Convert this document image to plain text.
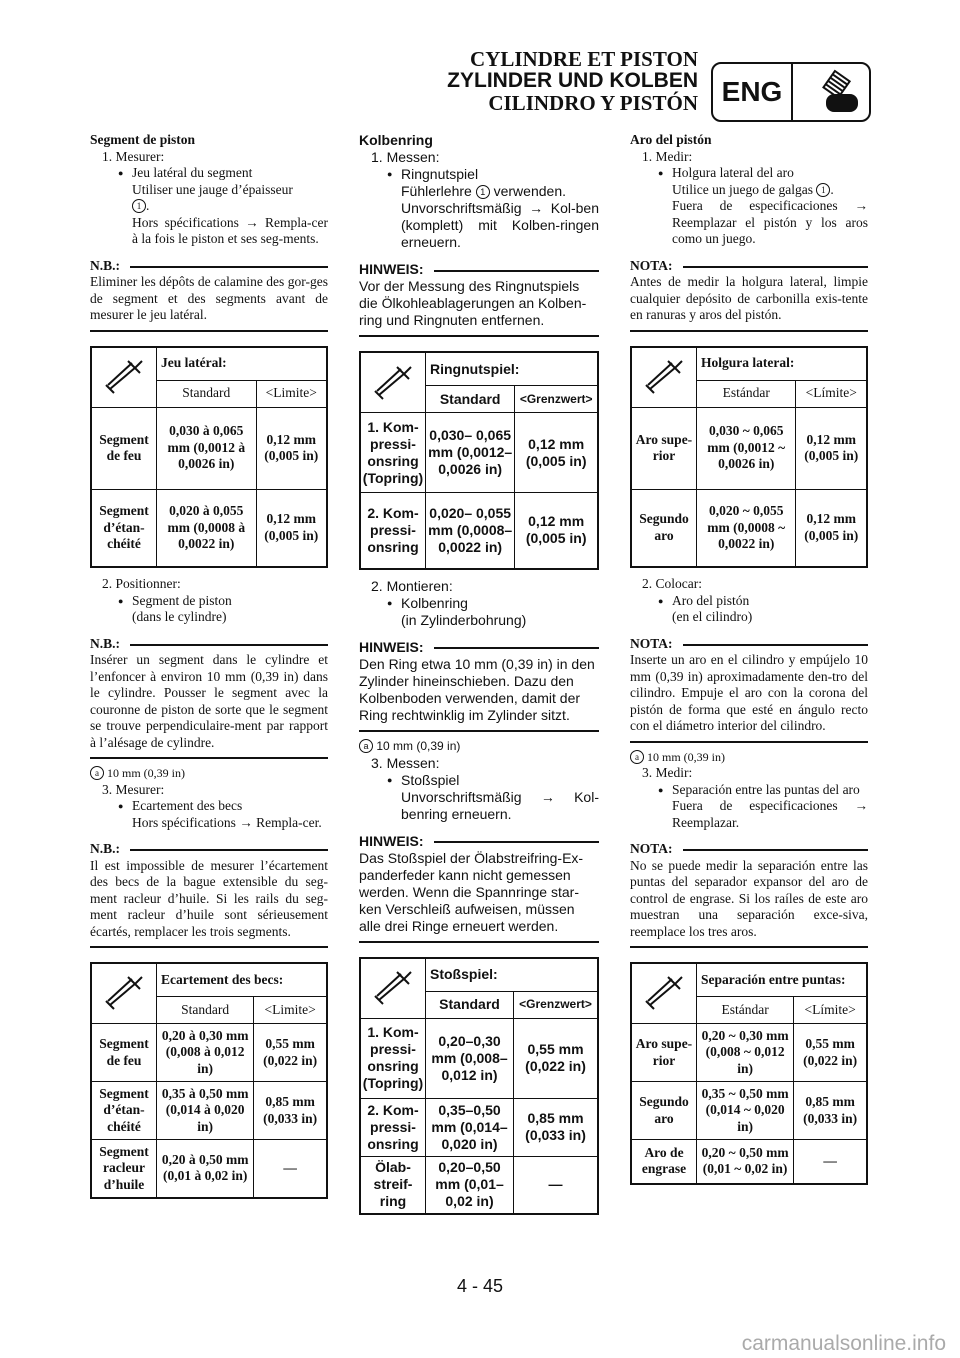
CYLINDRE ET PISTON
ZYLINDER UND KOLBEN
CILINDRO Y PISTÓN ENG
Segment de piston
1. Mesurer:
● Jeu latéral du segment
Utiliser une jauge d’épaisseur
1 .
Hors spécifications → Rempla-cer à la fois le piston et ses seg-ments.
N.B.:
Eliminer les dépôts de calamine des gor-ges de segment et des segments avant de mesurer le jeu latéral.
	Jeu latéral:	
	Standard	<Limite>
Segment de feu	0,030 à 0,065 mm (0,0012 à 0,0026 in)	0,12 mm (0,005 in)
Segment d’étan-chéité	0,020 à 0,055 mm (0,0008 à 0,0022 in)	0,12 mm (0,005 in)
2. Positionner:
● Segment de piston
(dans le cylindre)
N.B.:
Insérer un segment dans le cylindre et l’enfoncer à environ 10 mm (0,39 in) dans le cylindre. Pousser le segment avec la couronne de piston de sorte que le segment se trouve perpendiculaire-ment par rapport à l’alésage de cylindre.
a 10 mm (0,39 in)
3. Mesurer:
● Ecartement des becs
Hors spécifications → Rempla-cer.
N.B.:
Il est impossible de mesurer l’écartement des becs de la bague extensible du seg-ment racleur d’huile. Si les rails du seg-ment racleur d’huile sont sérieusement écartés, remplacer les trois segments.
	Ecartement des becs:	
	Standard	<Limite>
Segment de feu	0,20 à 0,30 mm (0,008 à 0,012 in)	0,55 mm (0,022 in)
Segment d’étan-chéité	0,35 à 0,50 mm (0,014 à 0,020 in)	0,85 mm (0,033 in)
Segment racleur d’huile	0,20 à 0,50 mm (0,01 à 0,02 in)	—
Kolbenring
1. Messen:
● Ringnutspiel
Fühlerlehre 1 verwenden.
Unvorschriftsmäßig → Kol-ben (komplett) mit Kolben-ringen erneuern.
HINWEIS:
Vor der Messung des Ringnutspiels die Ölkohleablagerungen an Kolben-ring und Ringnuten entfernen.
	Ringnutspiel:	
	Standard	<Grenzwert>
1. Kom-pressi-onsring (Topring)	0,030– 0,065 mm (0,0012– 0,0026 in)	0,12 mm (0,005 in)
2. Kom-pressi-onsring	0,020– 0,055 mm (0,0008– 0,0022 in)	0,12 mm (0,005 in)
2. Montieren:
● Kolbenring
(in Zylinderbohrung)
HINWEIS:
Den Ring etwa 10 mm (0,39 in) in den Zylinder hineinschieben. Dazu den Kolbenboden verwenden, damit der Ring rechtwinklig im Zylinder sitzt.
a 10 mm (0,39 in)
3. Messen:
● Stoßspiel
Unvorschriftsmäßig → Kol-benring erneuern.
HINWEIS:
Das Stoßspiel der Ölabstreifring-Ex-panderfeder kann nicht gemessen werden. Wenn die Spannringe star-ken Verschleiß aufweisen, müssen alle drei Ringe erneuert werden.
	Stoßspiel:	
	Standard	<Grenzwert>
1. Kom-pressi-onsring (Topring)	0,20–0,30 mm (0,008– 0,012 in)	0,55 mm (0,022 in)
2. Kom-pressi-onsring	0,35–0,50 mm (0,014– 0,020 in)	0,85 mm (0,033 in)
Ölab-streif-ring	0,20–0,50 mm (0,01–0,02 in)	—
Aro del pistón
1. Medir:
● Holgura lateral del aro
Utilice un juego de galgas 1 .
Fuera de especificaciones → Reemplazar el pistón y los aros como un juego.
NOTA:
Antes de medir la holgura lateral, limpie cualquier depósito de carbonilla exis-tente en ranuras y aros del pistón.
	Holgura lateral:	
	Estándar	<Límite>
Aro supe-rior	0,030 ~ 0,065 mm (0,0012 ~ 0,0026 in)	0,12 mm (0,005 in)
Segundo aro	0,020 ~ 0,055 mm (0,0008 ~ 0,0022 in)	0,12 mm (0,005 in)
2. Colocar:
● Aro del pistón
(en el cilindro)
NOTA:
Inserte un aro en el cilindro y empújelo 10 mm (0,39 in) aproximadamente den-tro del cilindro. Empuje el aro con la corona del pistón de forma que esté en ángulo recto con el diámetro interior del cilindro.
a 10 mm (0,39 in)
3. Medir:
● Separación entre las puntas del aro
Fuera de especificaciones → Reemplazar.
NOTA:
No se puede medir la separación entre las puntas del separador expansor del aro de control de engrase. Si los raíles de este aro muestran una separación exce-siva, reemplace los tres aros.
	Separación entre puntas:	
	Estándar	<Límite>
Aro supe-rior	0,20 ~ 0,30 mm (0,008 ~ 0,012 in)	0,55 mm (0,022 in)
Segundo aro	0,35 ~ 0,50 mm (0,014 ~ 0,020 in)	0,85 mm (0,033 in)
Aro de engrase	0,20 ~ 0,50 mm (0,01 ~ 0,02 in)	—
4 - 45
carmanualsonline.info
